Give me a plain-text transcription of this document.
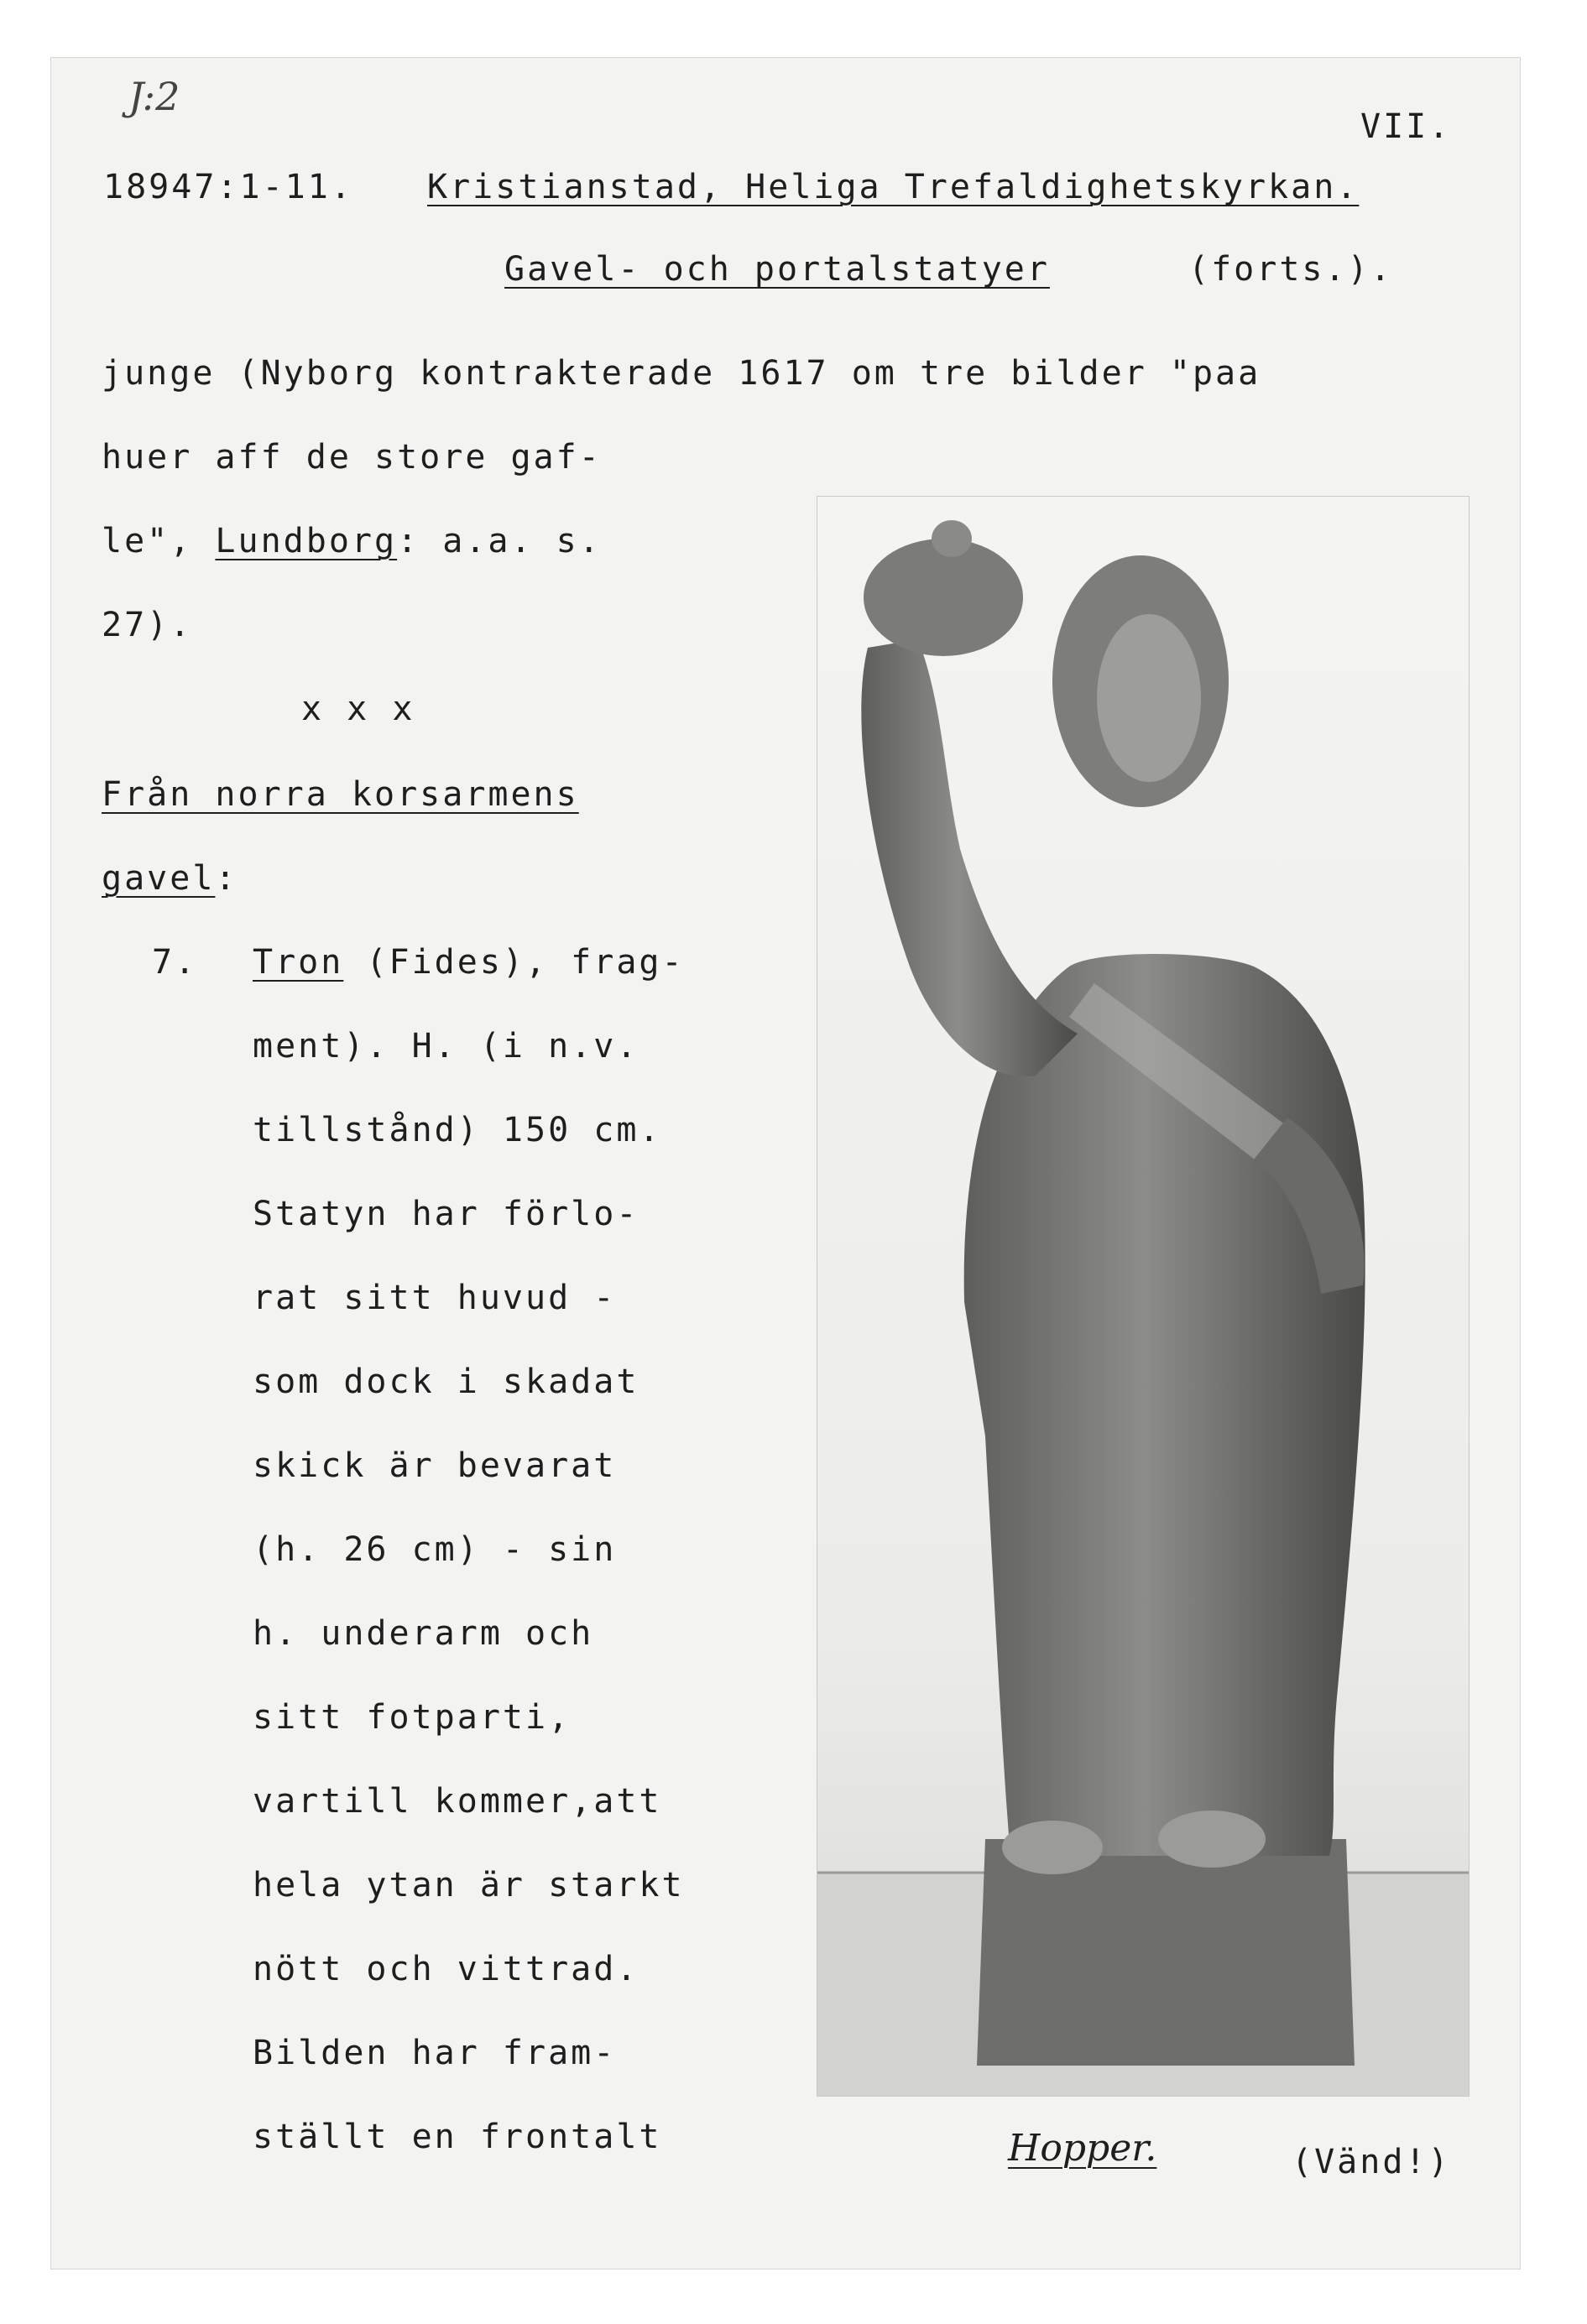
J:2
VII.
18947:1-11. Kristianstad, Heliga Trefaldighetskyrkan.
Gavel- och portalstatyer	(forts.).
junge (Nyborg kontrakterade 1617 om tre bilder "paa
huer aff de store gaf-
le", Lundborg: a.a. s.
27).
x x x
Från norra korsarmens
gavel:
7. Tron (Fides), frag-
ment). H. (i n.v.
tillstånd) 150 cm.
Statyn har förlo-
rat sitt huvud -
som dock i skadat
skick är bevarat
(h. 26 cm) - sin
h. underarm och
sitt fotparti,
vartill kommer,att
hela ytan är starkt
nött och vittrad.
Bilden har fram-
ställt en frontalt	Hopper.	(Vänd!)
